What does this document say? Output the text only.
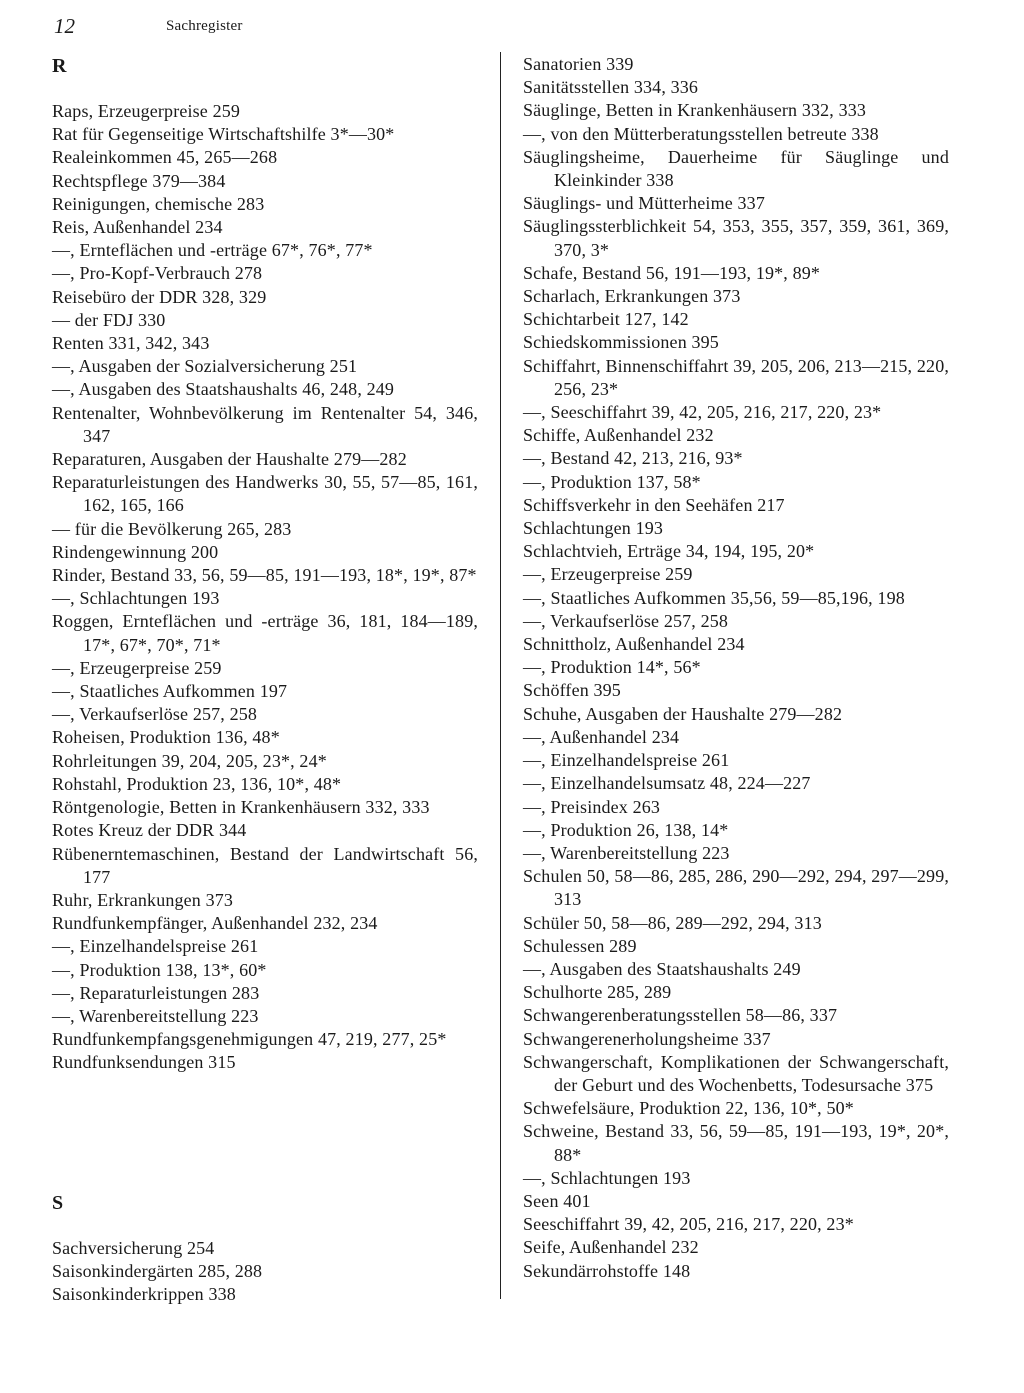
12	Sachregister
R
Raps, Erzeugerpreise 259
Rat für Gegenseitige Wirtschaftshilfe 3*—30*
Realeinkommen 45, 265—268
Rechtspflege 379—384
Reinigungen, chemische 283
Reis, Außenhandel 234
—, Ernteflächen und -erträge 67*, 76*, 77*
—, Pro-Kopf-Verbrauch 278
Reisebüro der DDR 328, 329
— der FDJ 330
Renten 331, 342, 343
—, Ausgaben der Sozialversicherung 251
—, Ausgaben des Staatshaushalts 46, 248, 249
Rentenalter, Wohnbevölkerung im Rentenalter 54, 346, 347
Reparaturen, Ausgaben der Haushalte 279—282
Reparaturleistungen des Handwerks 30, 55, 57—85, 161, 162, 165, 166
— für die Bevölkerung 265, 283
Rindengewinnung 200
Rinder, Bestand 33, 56, 59—85, 191—193, 18*, 19*, 87*
—, Schlachtungen 193
Roggen, Ernteflächen und -erträge 36, 181, 184—189, 17*, 67*, 70*, 71*
—, Erzeugerpreise 259
—, Staatliches Aufkommen 197
—, Verkaufserlöse 257, 258
Roheisen, Produktion 136, 48*
Rohrleitungen 39, 204, 205, 23*, 24*
Rohstahl, Produktion 23, 136, 10*, 48*
Röntgenologie, Betten in Krankenhäusern 332, 333
Rotes Kreuz der DDR 344
Rübenerntemaschinen, Bestand der Landwirtschaft 56, 177
Ruhr, Erkrankungen 373
Rundfunkempfänger, Außenhandel 232, 234
—, Einzelhandelspreise 261
—, Produktion 138, 13*, 60*
—, Reparaturleistungen 283
—, Warenbereitstellung 223
Rundfunkempfangsgenehmigungen 47, 219, 277, 25*
Rundfunksendungen 315
S
Sachversicherung 254
Saisonkindergärten 285, 288
Saisonkinderkrippen 338
Sanatorien 339
Sanitätsstellen 334, 336
Säuglinge, Betten in Krankenhäusern 332, 333
—, von den Mütterberatungsstellen betreute 338
Säuglingsheime, Dauerheime für Säuglinge und Kleinkinder 338
Säuglings- und Mütterheime 337
Säuglingssterblichkeit 54, 353, 355, 357, 359, 361, 369, 370, 3*
Schafe, Bestand 56, 191—193, 19*, 89*
Scharlach, Erkrankungen 373
Schichtarbeit 127, 142
Schiedskommissionen 395
Schiffahrt, Binnenschiffahrt 39, 205, 206, 213—215, 220, 256, 23*
—, Seeschiffahrt 39, 42, 205, 216, 217, 220, 23*
Schiffe, Außenhandel 232
—, Bestand 42, 213, 216, 93*
—, Produktion 137, 58*
Schiffsverkehr in den Seehäfen 217
Schlachtungen 193
Schlachtvieh, Erträge 34, 194, 195, 20*
—, Erzeugerpreise 259
—, Staatliches Aufkommen 35,56, 59—85,196, 198
—, Verkaufserlöse 257, 258
Schnittholz, Außenhandel 234
—, Produktion 14*, 56*
Schöffen 395
Schuhe, Ausgaben der Haushalte 279—282
—, Außenhandel 234
—, Einzelhandelspreise 261
—, Einzelhandelsumsatz 48, 224—227
—, Preisindex 263
—, Produktion 26, 138, 14*
—, Warenbereitstellung 223
Schulen 50, 58—86, 285, 286, 290—292, 294, 297—299, 313
Schüler 50, 58—86, 289—292, 294, 313
Schulessen 289
—, Ausgaben des Staatshaushalts 249
Schulhorte 285, 289
Schwangerenberatungsstellen 58—86, 337
Schwangerenerholungsheime 337
Schwangerschaft, Komplikationen der Schwangerschaft, der Geburt und des Wochenbetts, Todesursache 375
Schwefelsäure, Produktion 22, 136, 10*, 50*
Schweine, Bestand 33, 56, 59—85, 191—193, 19*, 20*, 88*
—, Schlachtungen 193
Seen 401
Seeschiffahrt 39, 42, 205, 216, 217, 220, 23*
Seife, Außenhandel 232
Sekundärrohstoffe 148
